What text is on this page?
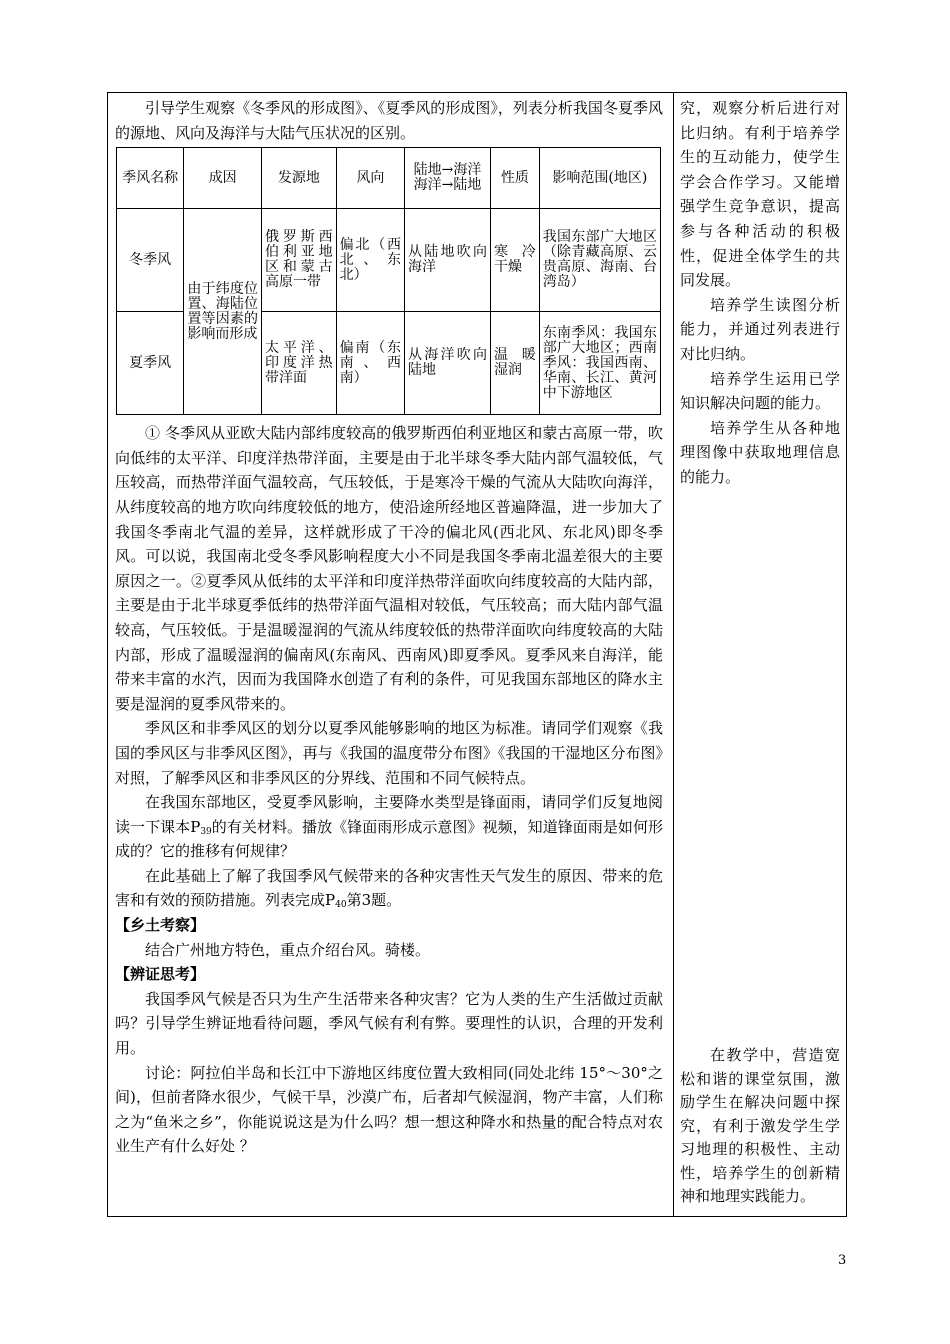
引导学生观察《冬季风的形成图》、《夏季风的形成图》，列表分析我国冬夏季风的源地、风向及海洋与大陆气压状况的区别。

季风名称	成因	发源地	风向	陆地→海洋 海洋→陆地	性质	影响范围(地区)
冬季风	由于纬度位置、海陆位置等因素的影响而形成	俄罗斯西伯利亚地区和蒙古高原一带	偏北（西北、东北）	从陆地吹向海洋	寒冷干燥	我国东部广大地区（除青藏高原、云贵高原、海南、台湾岛）

夏季风		太平洋、印度洋热带洋面	偏南（东南、西南）	从海洋吹向陆地	温暖湿润	东南季风：我国东部广大地区；西南季风：我国西南、华南、长江、黄河中下游地区

① 冬季风从亚欧大陆内部纬度较高的俄罗斯西伯利亚地区和蒙古高原一带，吹向低纬的太平洋、印度洋热带洋面，主要是由于北半球冬季大陆内部气温较低，气压较高，而热带洋面气温较高，气压较低，于是寒冷干燥的气流从大陆吹向海洋，从纬度较高的地方吹向纬度较低的地方，使沿途所经地区普遍降温，进一步加大了我国冬季南北气温的差异，这样就形成了干冷的偏北风(西北风、东北风)即冬季风。可以说，我国南北受冬季风影响程度大小不同是我国冬季南北温差很大的主要原因之一。②夏季风从低纬的太平洋和印度洋热带洋面吹向纬度较高的大陆内部，主要是由于北半球夏季低纬的热带洋面气温相对较低，气压较高；而大陆内部气温较高，气压较低。于是温暖湿润的气流从纬度较低的热带洋面吹向纬度较高的大陆内部，形成了温暖湿润的偏南风(东南风、西南风)即夏季风。夏季风来自海洋，能带来丰富的水汽，因而为我国降水创造了有利的条件，可见我国东部地区的降水主要是湿润的夏季风带来的。

季风区和非季风区的划分以夏季风能够影响的地区为标准。请同学们观察《我国的季风区与非季风区图》，再与《我国的温度带分布图》《我国的干湿地区分布图》对照，了解季风区和非季风区的分界线、范围和不同气候特点。

在我国东部地区，受夏季风影响，主要降水类型是锋面雨，请同学们反复地阅读一下课本$P_{39}$的有关材料。播放《锋面雨形成示意图》视频，知道锋面雨是如何形成的？它的推移有何规律？

在此基础上了解了我国季风气候带来的各种灾害性天气发生的原因、带来的危害和有效的预防措施。列表完成$P_{40}$第3题。

【乡土考察】

结合广州地方特色，重点介绍台风。骑楼。

【辨证思考】

我国季风气候是否只为生产生活带来各种灾害？它为人类的生产生活做过贡献吗？引导学生辨证地看待问题，季风气候有利有弊。要理性的认识，合理的开发利用。

讨论：阿拉伯半岛和长江中下游地区纬度位置大致相同(同处北纬 15°～30°之间)，但前者降水很少，气候干旱，沙漠广布，后者却气候湿润，物产丰富，人们称之为“鱼米之乡”，你能说说这是为什么吗？想一想这种降水和热量的配合特点对农业生产有什么好处 ？

究，观察分析后进行对比归纳。有利于培养学生的互动能力，使学生学会合作学习。又能增强学生竞争意识，提高参与各种活动的积极性，促进全体学生的共同发展。

培养学生读图分析能力，并通过列表进行对比归纳。

培养学生运用已学知识解决问题的能力。

培养学生从各种地理图像中获取地理信息的能力。

在教学中，营造宽松和谐的课堂氛围，激励学生在解决问题中探究，有利于激发学生学习地理的积极性、主动性，培养学生的创新精神和地理实践能力。

3
